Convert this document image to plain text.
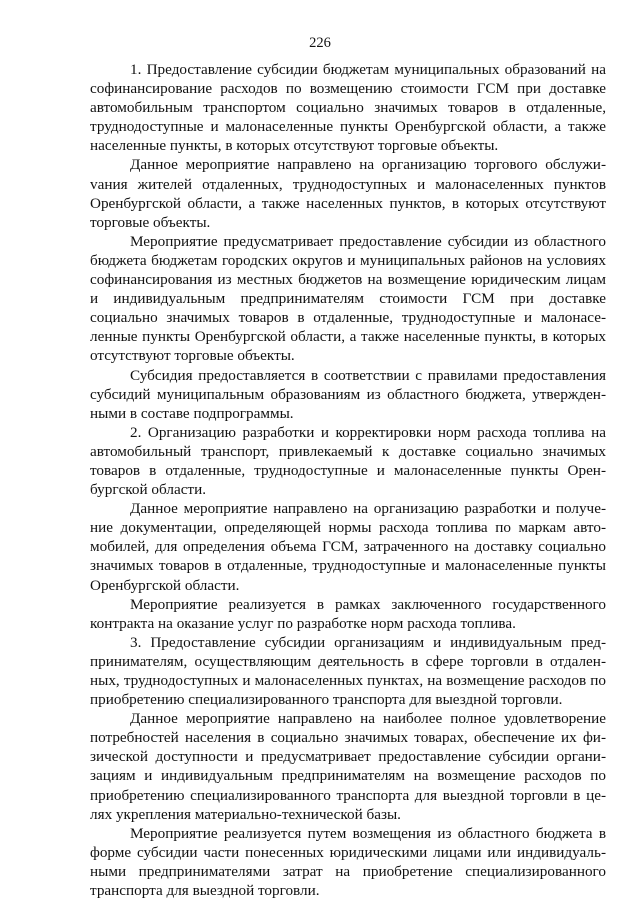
226

1. Предоставление субсидии бюджетам муниципальных образований на софинансирование расходов по возмещению стоимости ГСМ при доставке автомобильным транспортом социально значимых товаров в отдаленные, труднодоступные и малонаселенные пункты Оренбургской области, а также населенные пункты, в которых отсутствуют торговые объекты.

Данное мероприятие направлено на организацию торгового обслужиvания жителей отдаленных, труднодоступных и малонаселенных пунктов Оренбургской области, а также населенных пунктов, в которых отсутствуют торговые объекты.

Мероприятие предусматривает предоставление субсидии из областного бюджета бюджетам городских округов и муниципальных районов на условиях софинансирования из местных бюджетов на возмещение юридическим лицам и индивидуальным предпринимателям стоимости ГСМ при доставке социально значимых товаров в отдаленные, труднодоступные и малонаселенные пункты Оренбургской области, а также населенные пункты, в которых отсутствуют торговые объекты.

Субсидия предоставляется в соответствии с правилами предоставления субсидий муниципальным образованиям из областного бюджета, утвержденными в составе подпрограммы.

2. Организацию разработки и корректировки норм расхода топлива на автомобильный транспорт, привлекаемый к доставке социально значимых товаров в отдаленные, труднодоступные и малонаселенные пункты Оренбургской области.

Данное мероприятие направлено на организацию разработки и получение документации, определяющей нормы расхода топлива по маркам автомобилей, для определения объема ГСМ, затраченного на доставку социально значимых товаров в отдаленные, труднодоступные и малонаселенные пункты Оренбургской области.

Мероприятие реализуется в рамках заключенного государственного контракта на оказание услуг по разработке норм расхода топлива.

3. Предоставление субсидии организациям и индивидуальным предпринимателям, осуществляющим деятельность в сфере торговли в отдаленных, труднодоступных и малонаселенных пунктах, на возмещение расходов по приобретению специализированного транспорта для выездной торговли.

Данное мероприятие направлено на наиболее полное удовлетворение потребностей населения в социально значимых товарах, обеспечение их физической доступности и предусматривает предоставление субсидии организациям и индивидуальным предпринимателям на возмещение расходов по приобретению специализированного транспорта для выездной торговли в целях укрепления материально-технической базы.

Мероприятие реализуется путем возмещения из областного бюджета в форме субсидии части понесенных юридическими лицами или индивидуальными предпринимателями затрат на приобретение специализированного транспорта для выездной торговли.
